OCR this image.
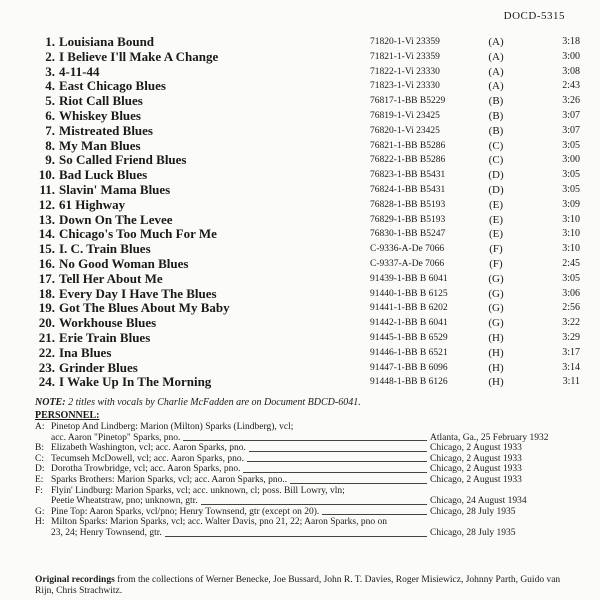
DOCD-5315
1. Louisiana Bound	71820-1-Vi 23359	(A)	3:18
2. I Believe I'll Make A Change	71821-1-Vi 23359	(A)	3:00
3. 4-11-44	71822-1-Vi 23330	(A)	3:08
4. East Chicago Blues	71823-1-Vi 23330	(A)	2:43
5. Riot Call Blues	76817-1-BB B5229	(B)	3:26
6. Whiskey Blues	76819-1-Vi 23425	(B)	3:07
7. Mistreated Blues	76820-1-Vi 23425	(B)	3:07
8. My Man Blues	76821-1-BB B5286	(C)	3:05
9. So Called Friend Blues	76822-1-BB B5286	(C)	3:00
10. Bad Luck Blues	76823-1-BB B5431	(D)	3:05
11. Slavin' Mama Blues	76824-1-BB B5431	(D)	3:05
12. 61 Highway	76828-1-BB B5193	(E)	3:09
13. Down On The Levee	76829-1-BB B5193	(E)	3:10
14. Chicago's Too Much For Me	76830-1-BB B5247	(E)	3:10
15. I. C. Train Blues	C-9336-A-De 7066	(F)	3:10
16. No Good Woman Blues	C-9337-A-De 7066	(F)	2:45
17. Tell Her About Me	91439-1-BB B 6041	(G)	3:05
18. Every Day I Have The Blues	91440-1-BB B 6125	(G)	3:06
19. Got The Blues About My Baby	91441-1-BB B 6202	(G)	2:56
20. Workhouse Blues	91442-1-BB B 6041	(G)	3:22
21. Erie Train Blues	91445-1-BB B 6529	(H)	3:29
22. Ina Blues	91446-1-BB B 6521	(H)	3:17
23. Grinder Blues	91447-1-BB B 6096	(H)	3:14
24. I Wake Up In The Morning	91448-1-BB B 6126	(H)	3:11
NOTE: 2 titles with vocals by Charlie McFadden are on Document BDCD-6041.
PERSONNEL:
A: Pinetop And Lindberg: Marion (Milton) Sparks (Lindberg), vcl;
acc. Aaron "Pinetop" Sparks, pno.	Atlanta, Ga., 25 February 1932
B: Elizabeth Washington, vcl; acc. Aaron Sparks, pno.	Chicago, 2 August 1933
C: Tecumseh McDowell, vcl; acc. Aaron Sparks, pno.	Chicago, 2 August 1933
D: Dorotha Trowbridge, vcl; acc. Aaron Sparks, pno.	Chicago, 2 August 1933
E: Sparks Brothers: Marion Sparks, vcl; acc. Aaron Sparks, pno..	Chicago, 2 August 1933
F: Flyin' Lindburg: Marion Sparks, vcl; acc. unknown, cl; poss. Bill Lowry, vln;
Peetie Wheatstraw, pno; unknown, gtr.	Chicago, 24 August 1934
G: Pine Top: Aaron Sparks, vcl/pno; Henry Townsend, gtr (except on 20).	Chicago, 28 July 1935
H: Milton Sparks: Marion Sparks, vcl; acc. Walter Davis, pno 21, 22; Aaron Sparks, pno on
23, 24; Henry Townsend, gtr.	Chicago, 28 July 1935
Original recordings from the collections of Werner Benecke, Joe Bussard, John R. T. Davies, Roger Misiewicz, Johnny Parth, Guido van Rijn, Chris Strachwitz.
